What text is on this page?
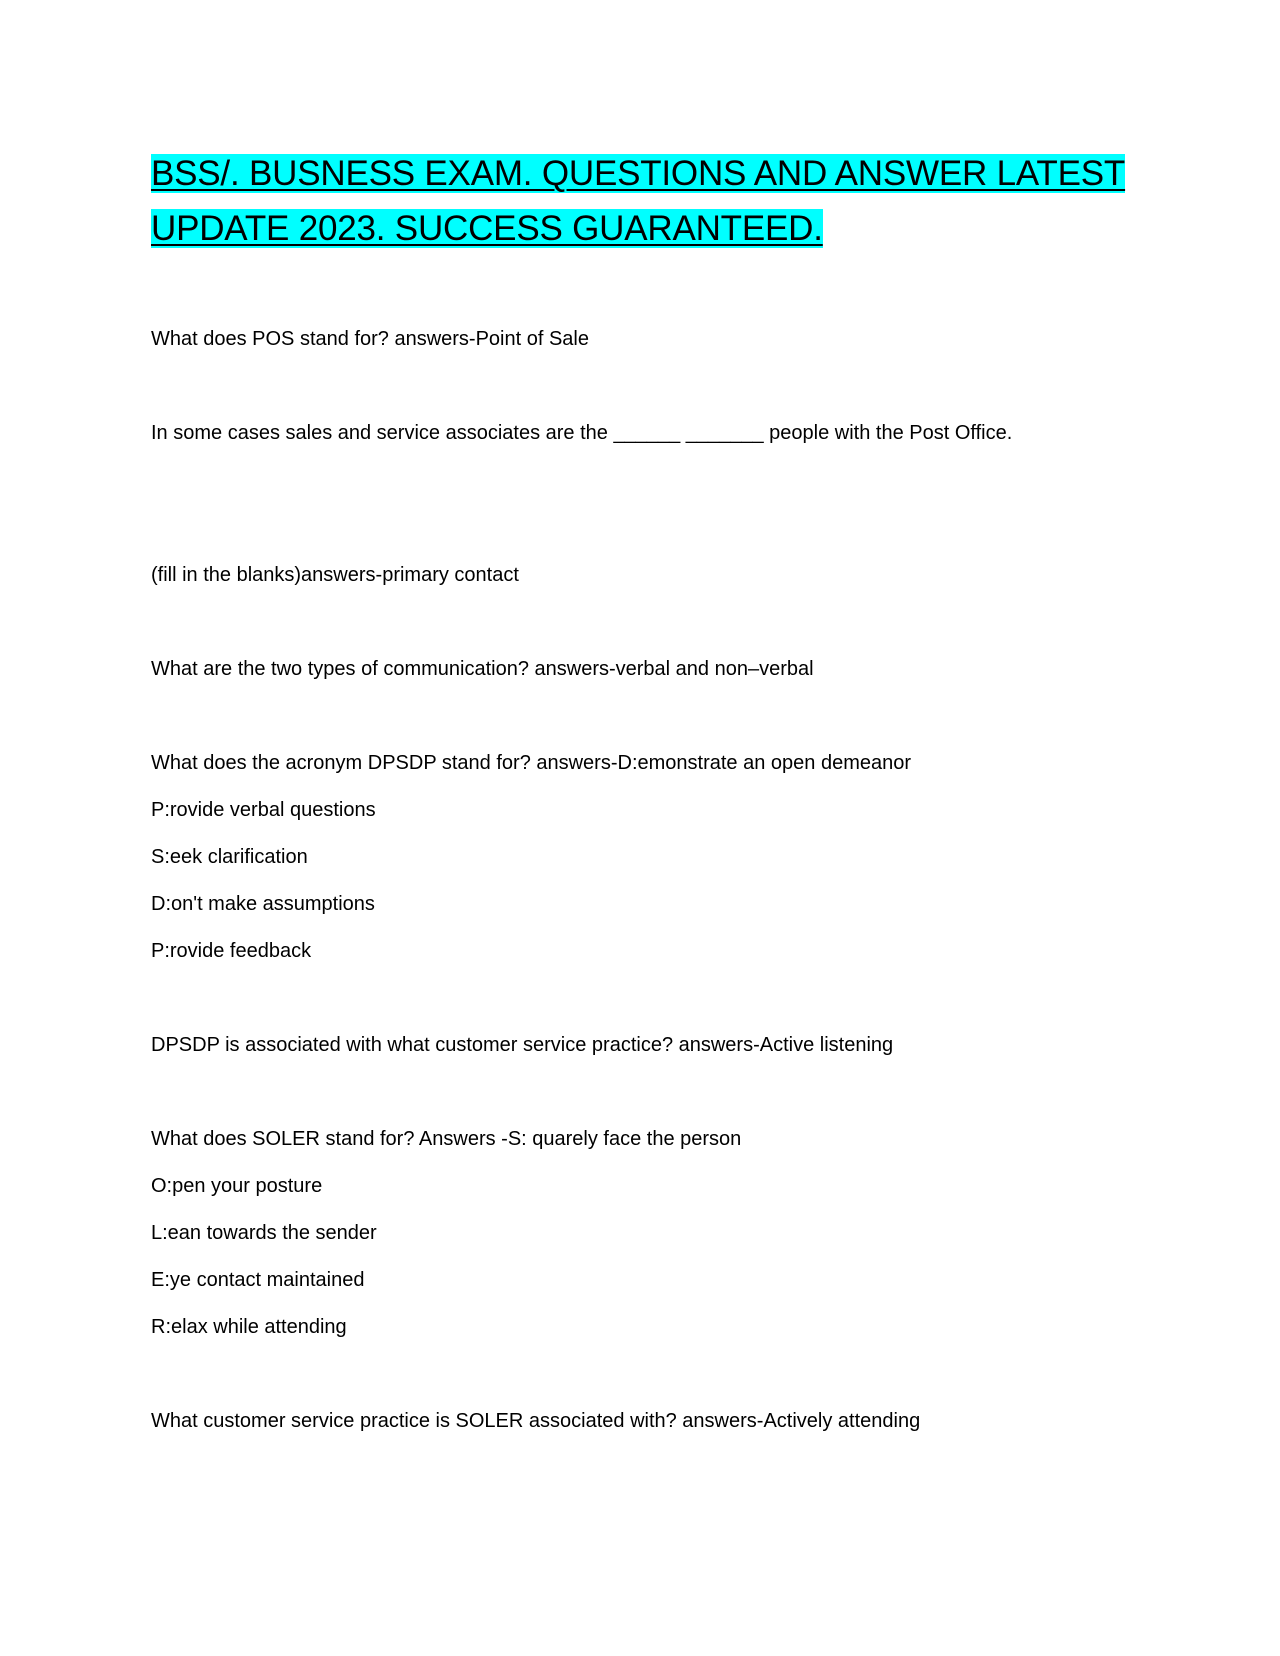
BSS/. BUSNESS EXAM. QUESTIONS AND ANSWER LATEST UPDATE 2023. SUCCESS GUARANTEED.

What does POS stand for? answers-Point of Sale

In some cases sales and service associates are the ______ _______ people with the Post Office.

(fill in the blanks)answers-primary contact

What are the two types of communication? answers-verbal and non–verbal

What does the acronym DPSDP stand for? answers-D:emonstrate an open demeanor

P:rovide verbal questions

S:eek clarification

D:on't make assumptions

P:rovide feedback

DPSDP is associated with what customer service practice? answers-Active listening

What does SOLER stand for? Answers -S: quarely face the person

O:pen your posture

L:ean towards the sender

E:ye contact maintained

R:elax while attending

What customer service practice is SOLER associated with? answers-Actively attending
